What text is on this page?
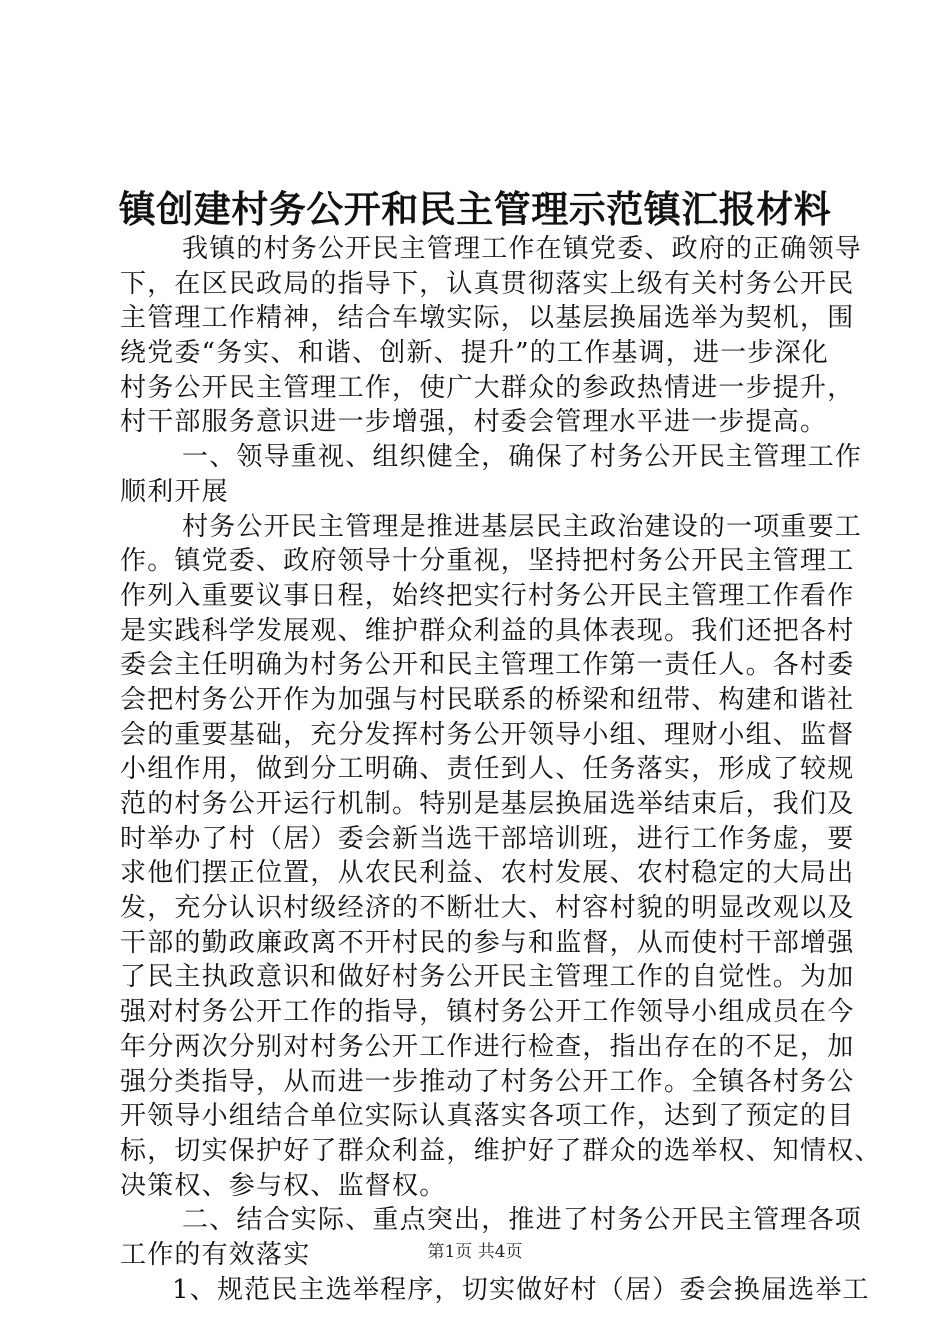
镇创建村务公开和民主管理示范镇汇报材料
我镇的村务公开民主管理工作在镇党委、政府的正确领导
下，在区民政局的指导下，认真贯彻落实上级有关村务公开民
主管理工作精神，结合车墩实际，以基层换届选举为契机，围
绕党委“务实、和谐、创新、提升”的工作基调，进一步深化
村务公开民主管理工作，使广大群众的参政热情进一步提升，
村干部服务意识进一步增强，村委会管理水平进一步提高。
一、领导重视、组织健全，确保了村务公开民主管理工作
顺利开展
村务公开民主管理是推进基层民主政治建设的一项重要工
作。镇党委、政府领导十分重视，坚持把村务公开民主管理工
作列入重要议事日程，始终把实行村务公开民主管理工作看作
是实践科学发展观、维护群众利益的具体表现。我们还把各村
委会主任明确为村务公开和民主管理工作第一责任人。各村委
会把村务公开作为加强与村民联系的桥梁和纽带、构建和谐社
会的重要基础，充分发挥村务公开领导小组、理财小组、监督
小组作用，做到分工明确、责任到人、任务落实，形成了较规
范的村务公开运行机制。特别是基层换届选举结束后，我们及
时举办了村（居）委会新当选干部培训班，进行工作务虚，要
求他们摆正位置，从农民利益、农村发展、农村稳定的大局出
发，充分认识村级经济的不断壮大、村容村貌的明显改观以及
干部的勤政廉政离不开村民的参与和监督，从而使村干部增强
了民主执政意识和做好村务公开民主管理工作的自觉性。为加
强对村务公开工作的指导，镇村务公开工作领导小组成员在今
年分两次分别对村务公开工作进行检查，指出存在的不足，加
强分类指导，从而进一步推动了村务公开工作。全镇各村务公
开领导小组结合单位实际认真落实各项工作，达到了预定的目
标，切实保护好了群众利益，维护好了群众的选举权、知情权、
决策权、参与权、监督权。
二、结合实际、重点突出，推进了村务公开民主管理各项
工作的有效落实
1、规范民主选举程序，切实做好村（居）委会换届选举工
第1页 共4页
